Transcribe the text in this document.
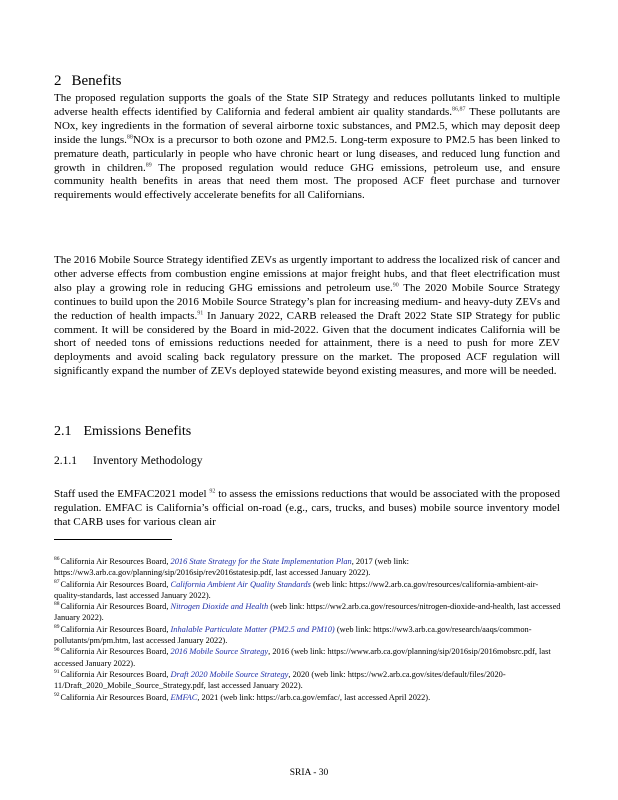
2 Benefits

The proposed regulation supports the goals of the State SIP Strategy and reduces pollutants linked to multiple adverse health effects identified by California and federal ambient air quality standards.$^{86,87}$ These pollutants are NOx, key ingredients in the formation of several airborne toxic substances, and PM2.5, which may deposit deep inside the lungs.$^{88}$NOx is a precursor to both ozone and PM2.5. Long-term exposure to PM2.5 has been linked to premature death, particularly in people who have chronic heart or lung diseases, and reduced lung function and growth in children.$^{89}$ The proposed regulation would reduce GHG emissions, petroleum use, and ensure community health benefits in areas that need them most. The proposed ACF fleet purchase and turnover requirements would effectively accelerate benefits for all Californians.

The 2016 Mobile Source Strategy identified ZEVs as urgently important to address the localized risk of cancer and other adverse effects from combustion engine emissions at major freight hubs, and that fleet electrification must also play a growing role in reducing GHG emissions and petroleum use.$^{90}$ The 2020 Mobile Source Strategy continues to build upon the 2016 Mobile Source Strategy’s plan for increasing medium- and heavy-duty ZEVs and the reduction of health impacts.$^{91}$ In January 2022, CARB released the Draft 2022 State SIP Strategy for public comment. It will be considered by the Board in mid-2022. Given that the document indicates California will be short of needed tons of emissions reductions needed for attainment, there is a need to push for more ZEV deployments and avoid scaling back regulatory pressure on the market. The proposed ACF regulation will significantly expand the number of ZEVs deployed statewide beyond existing measures, and more will be needed.

2.1 Emissions Benefits
2.1.1 Inventory Methodology

Staff used the EMFAC2021 model $^{92}$ to assess the emissions reductions that would be associated with the proposed regulation. EMFAC is California’s official on-road (e.g., cars, trucks, and buses) mobile source inventory model that CARB uses for various clean air

$^{86}$California Air Resources Board, 2016 State Strategy for the State Implementation Plan, 2017 (web link: https://ww3.arb.ca.gov/planning/sip/2016sip/rev2016statesip.pdf, last accessed January 2022).

$^{87}$California Air Resources Board, California Ambient Air Quality Standards (web link: https://ww2.arb.ca.gov/resources/california-ambient-air-quality-standards, last accessed January 2022).

$^{88}$California Air Resources Board, Nitrogen Dioxide and Health (web link: https://ww2.arb.ca.gov/resources/nitrogen-dioxide-and-health, last accessed January 2022).

$^{89}$California Air Resources Board, Inhalable Particulate Matter (PM2.5 and PM10) (web link: https://ww3.arb.ca.gov/research/aaqs/common-pollutants/pm/pm.htm, last accessed January 2022).

$^{90}$California Air Resources Board, 2016 Mobile Source Strategy, 2016 (web link: https://www.arb.ca.gov/planning/sip/2016sip/2016mobsrc.pdf, last accessed January 2022).

$^{91}$California Air Resources Board, Draft 2020 Mobile Source Strategy, 2020 (web link: https://ww2.arb.ca.gov/sites/default/files/2020-11/Draft_2020_Mobile_Source_Strategy.pdf, last accessed January 2022).

$^{92}$California Air Resources Board, EMFAC, 2021 (web link: https://arb.ca.gov/emfac/, last accessed April 2022).

SRIA - 30
